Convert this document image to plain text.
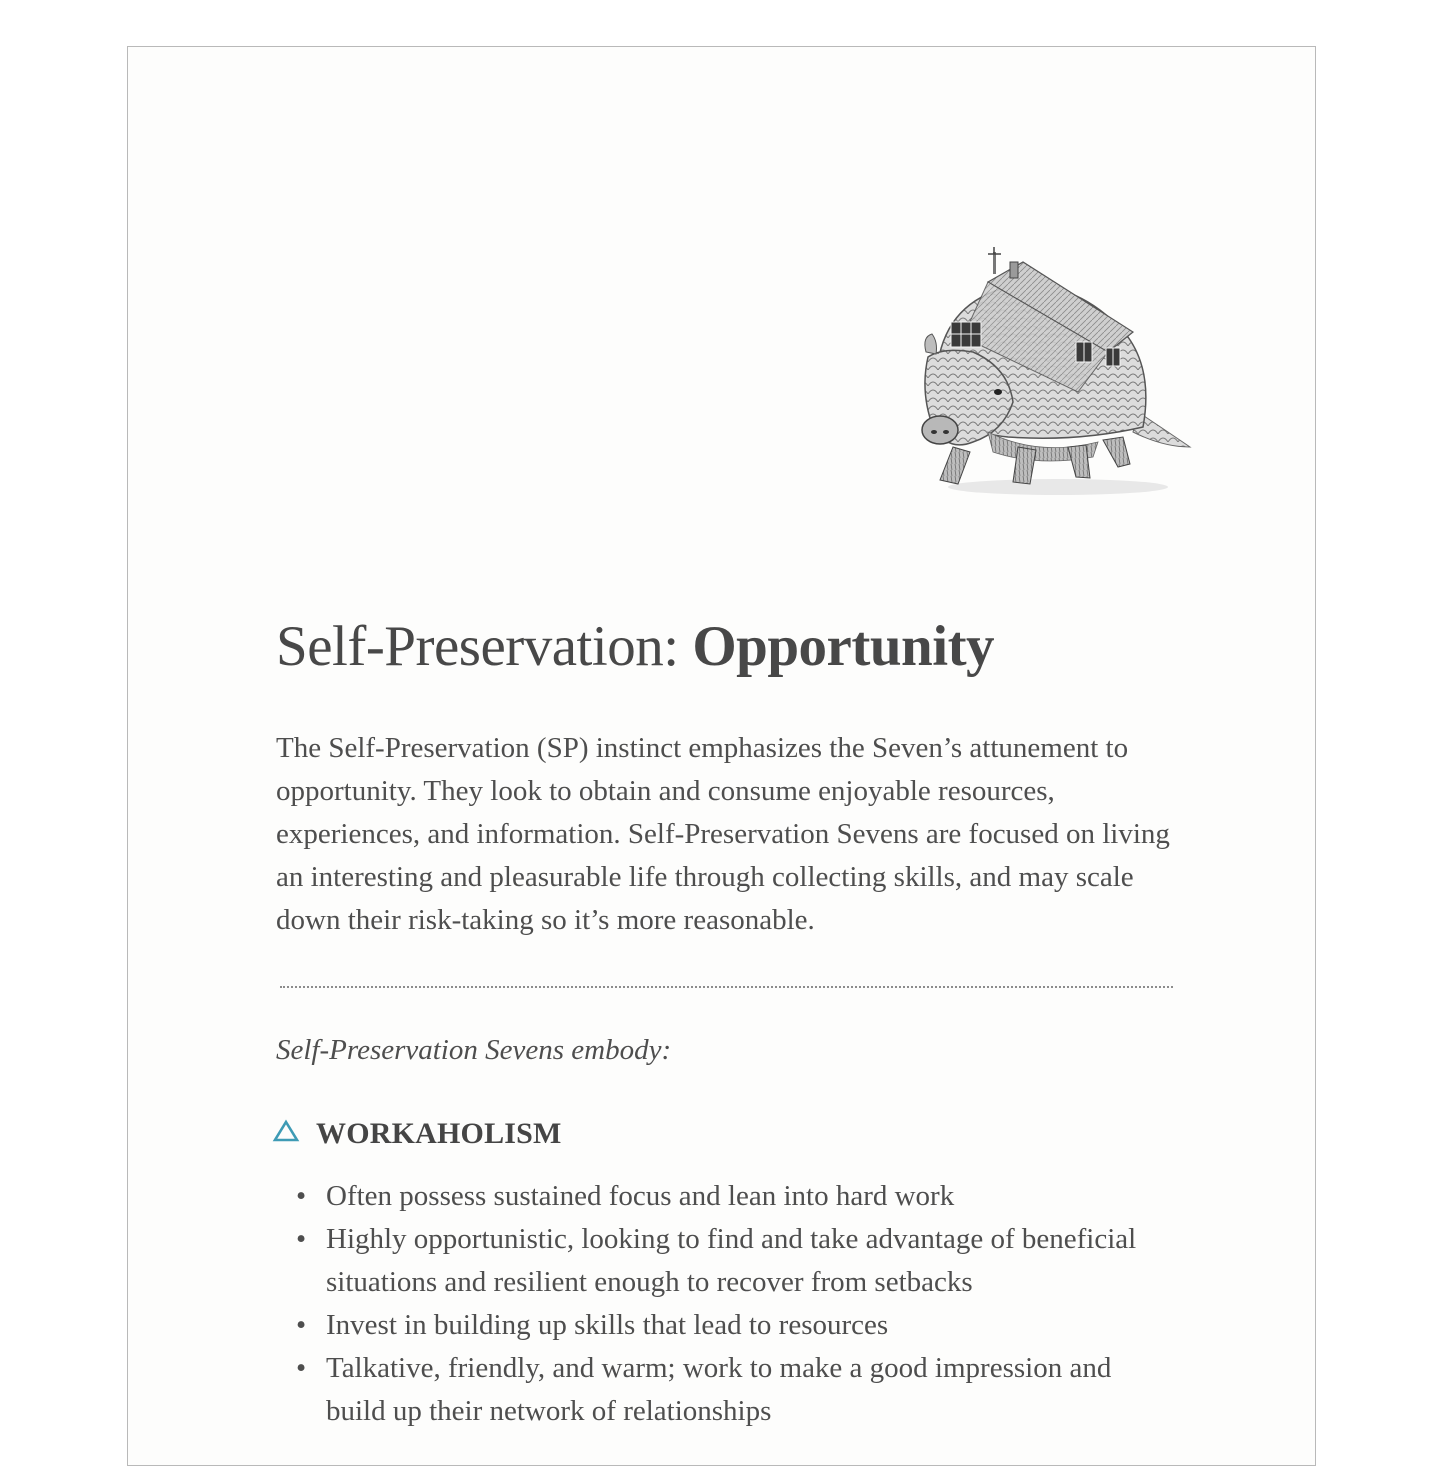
Self-Preservation: Opportunity

The Self-Preservation (SP) instinct emphasizes the Seven’s attunement to opportunity. They look to obtain and consume enjoyable resources, experiences, and information. Self-Preservation Sevens are focused on living an interesting and pleasurable life through collecting skills, and may scale down their risk-taking so it’s more reasonable.

Self-Preservation Sevens embody:

WORKAHOLISM
• Often possess sustained focus and lean into hard work
• Highly opportunistic, looking to find and take advantage of beneficial situations and resilient enough to recover from setbacks
• Invest in building up skills that lead to resources
• Talkative, friendly, and warm; work to make a good impression and build up their network of relationships
